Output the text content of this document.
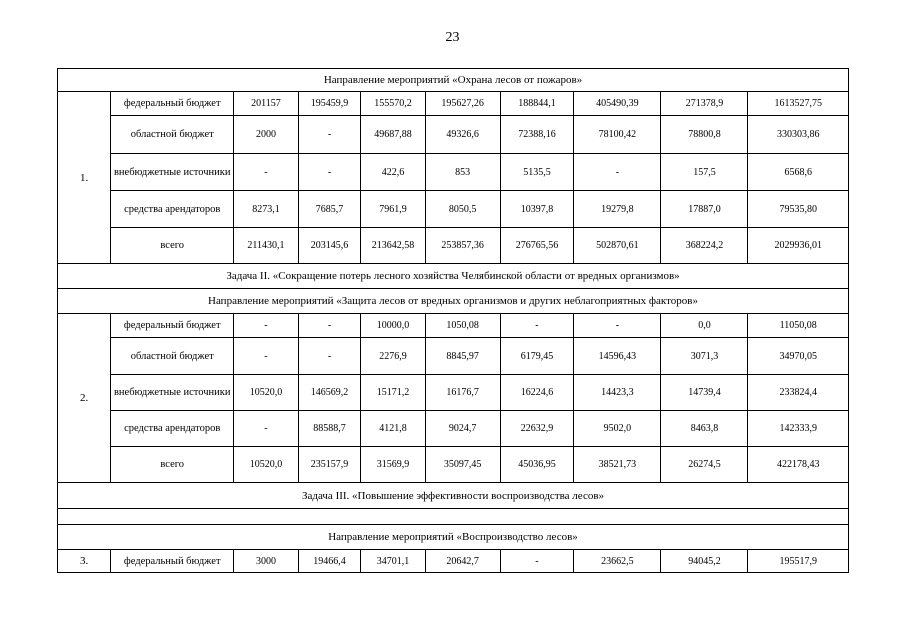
23
Направление мероприятий «Охрана лесов от пожаров»									
1.	федеральный бюджет	201157	195459,9	155570,2	195627,26	188844,1	405490,39	271378,9	1613527,75
	областной бюджет	2000	-	49687,88	49326,6	72388,16	78100,42	78800,8	330303,86
	внебюджетные источники	-	-	422,6	853	5135,5	-	157,5	6568,6
	средства арендаторов	8273,1	7685,7	7961,9	8050,5	10397,8	19279,8	17887,0	79535,80
	всего	211430,1	203145,6	213642,58	253857,36	276765,56	502870,61	368224,2	2029936,01
Задача II. «Сокращение потерь лесного хозяйства Челябинской области от вредных организмов»									
Направление мероприятий «Защита лесов от вредных организмов и других неблагоприятных факторов»									
2.	федеральный бюджет	-	-	10000,0	1050,08	-	-	0,0	11050,08
	областной бюджет	-	-	2276,9	8845,97	6179,45	14596,43	3071,3	34970,05
	внебюджетные источники	10520,0	146569,2	15171,2	16176,7	16224,6	14423,3	14739,4	233824,4
	средства арендаторов	-	88588,7	4121,8	9024,7	22632,9	9502,0	8463,8	142333,9
	всего	10520,0	235157,9	31569,9	35097,45	45036,95	38521,73	26274,5	422178,43
Задача III. «Повышение эффективности воспроизводства лесов»									

Направление мероприятий «Воспроизводство лесов»									
3.	федеральный бюджет	3000	19466,4	34701,1	20642,7	-	23662,5	94045,2	195517,9
